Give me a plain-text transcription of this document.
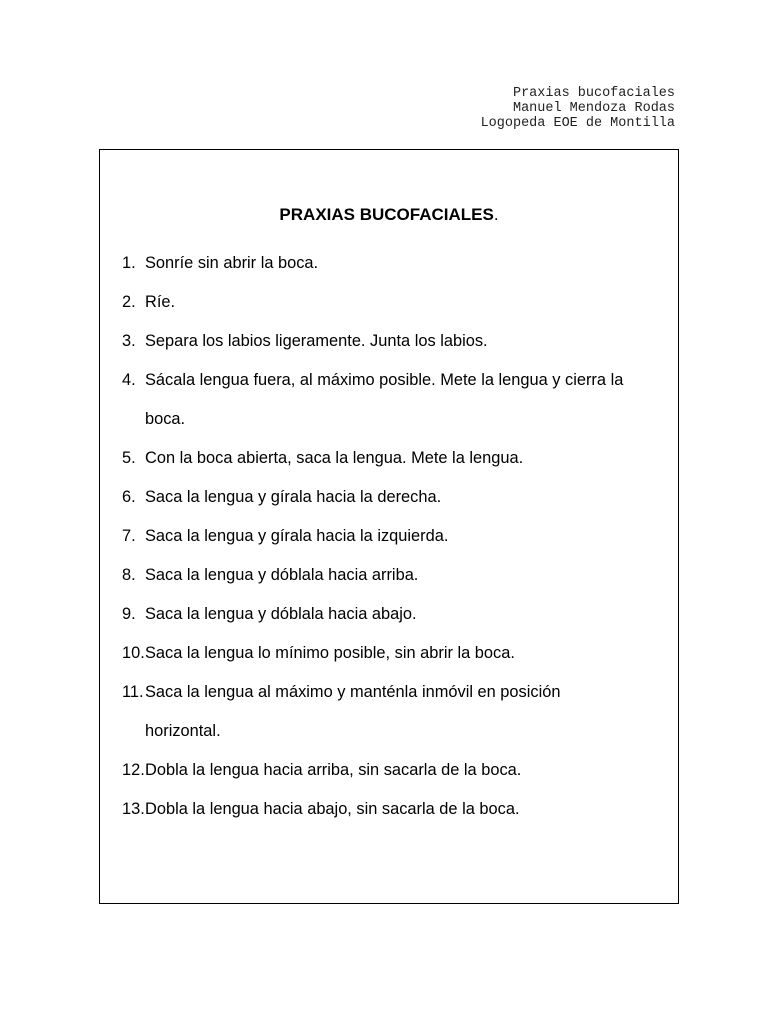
Praxias bucofaciales
Manuel Mendoza Rodas
Logopeda EOE de Montilla
PRAXIAS BUCOFACIALES.
1. Sonríe sin abrir la boca.
2. Ríe.
3. Separa los labios ligeramente. Junta los labios.
4. Sácala lengua fuera, al máximo posible. Mete la lengua y cierra la
boca.
5. Con la boca abierta, saca la lengua. Mete la lengua.
6. Saca la lengua y gírala hacia la derecha.
7. Saca la lengua y gírala hacia la izquierda.
8. Saca la lengua y dóblala hacia arriba.
9. Saca la lengua y dóblala hacia abajo.
10. Saca la lengua lo mínimo posible, sin abrir la boca.
11. Saca la lengua al máximo y manténla inmóvil en posición
horizontal.
12. Dobla la lengua hacia arriba, sin sacarla de la boca.
13. Dobla la lengua hacia abajo, sin sacarla de la boca.
